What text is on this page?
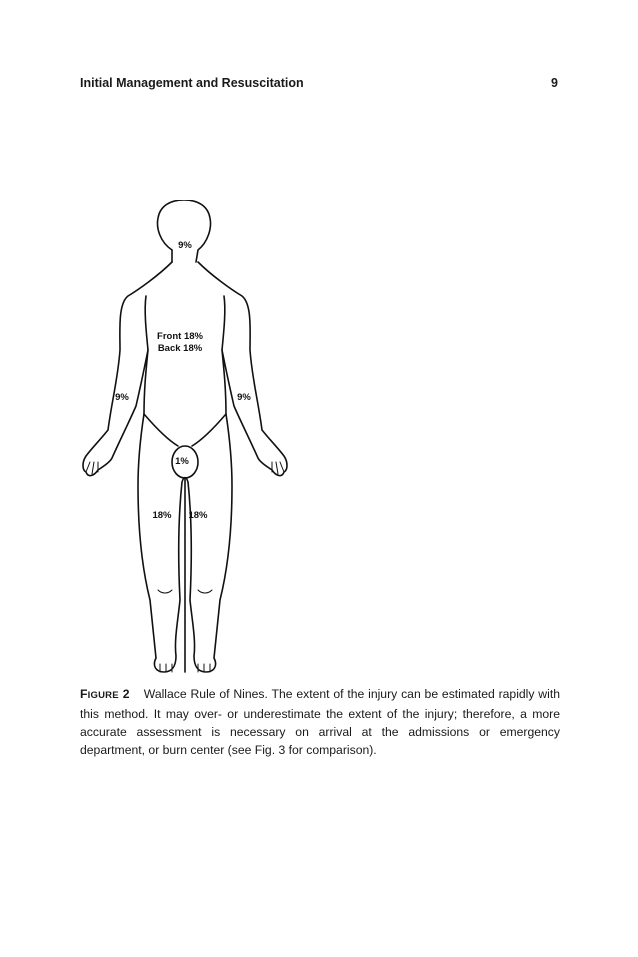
Initial Management and Resuscitation	9
9%
Front 18%
Back 18%
9%	9%
1%
18% 18%
FIGURE 2 Wallace Rule of Nines. The extent of the injury can be estimated rapidly with this method. It may over- or underestimate the extent of the injury; therefore, a more accurate assessment is necessary on arrival at the admissions or emergency department, or burn center (see Fig. 3 for comparison).
